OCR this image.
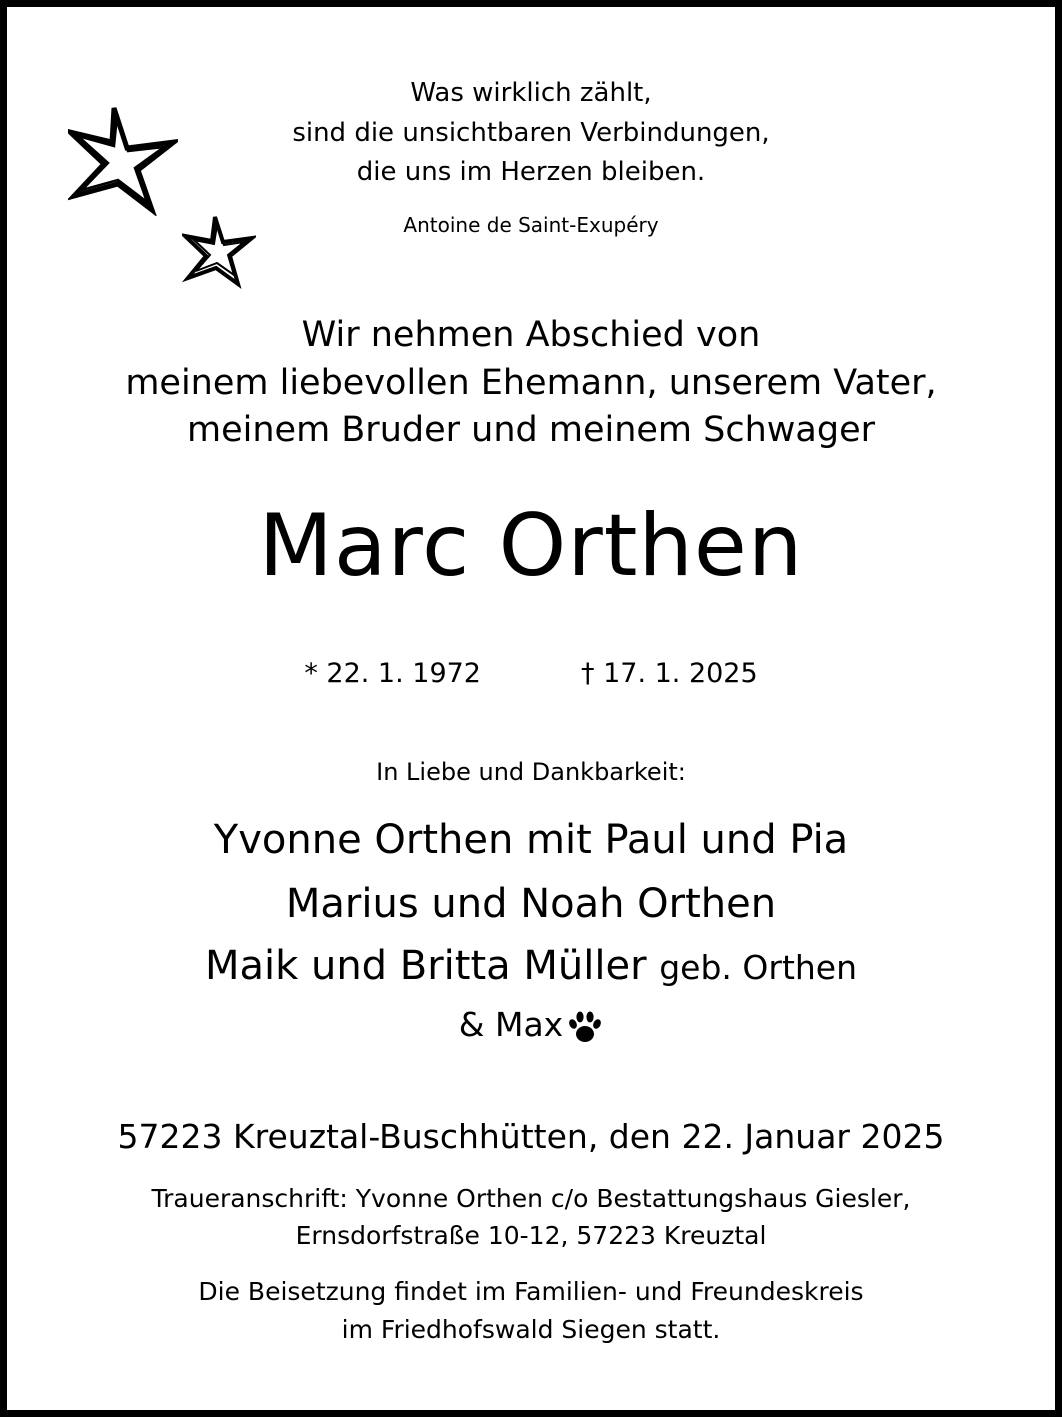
Was wirklich zählt,
sind die unsichtbaren Verbindungen,
die uns im Herzen bleiben.
Antoine de Saint-Exupéry
Wir nehmen Abschied von
meinem liebevollen Ehemann, unserem Vater,
meinem Bruder und meinem Schwager
Marc Orthen
* 22. 1. 1972	† 17. 1. 2025
In Liebe und Dankbarkeit:
Yvonne Orthen mit Paul und Pia
Marius und Noah Orthen
Maik und Britta Müller geb. Orthen
& Max
57223 Kreuztal-Buschhütten, den 22. Januar 2025
Traueranschrift: Yvonne Orthen c/o Bestattungshaus Giesler,
Ernsdorfstraße 10-12, 57223 Kreuztal
Die Beisetzung findet im Familien- und Freundeskreis
im Friedhofswald Siegen statt.
